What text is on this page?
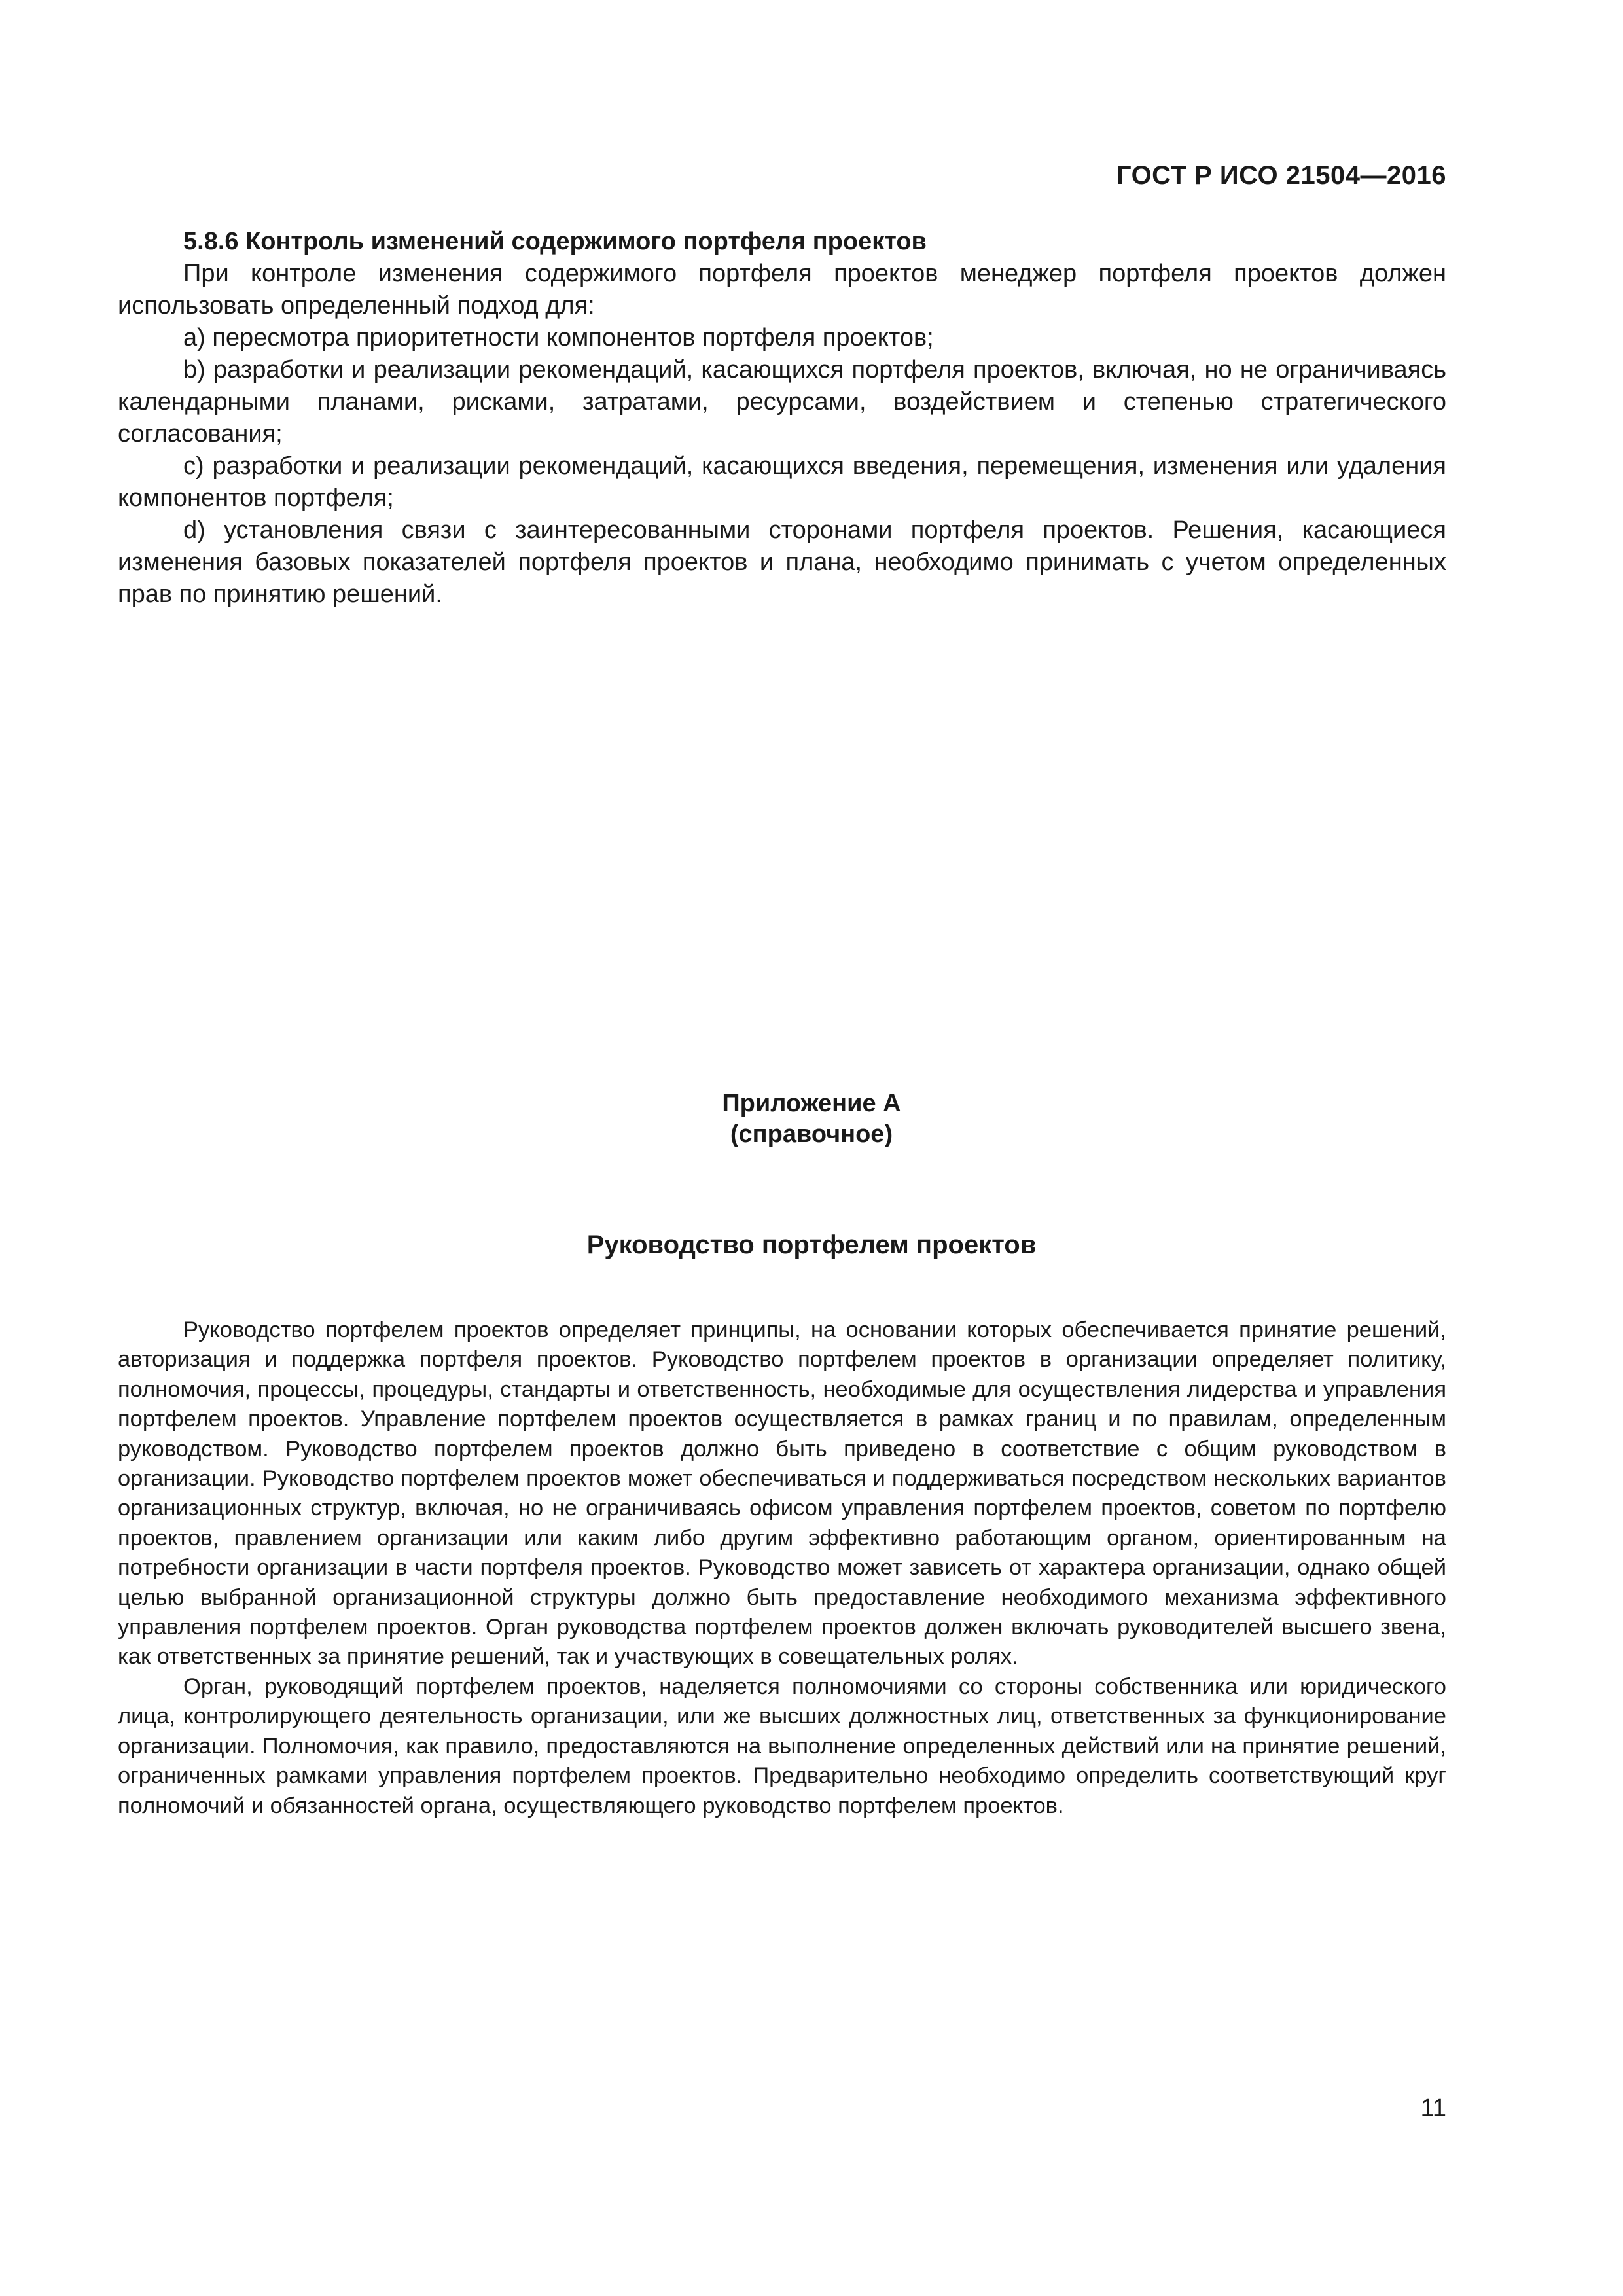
ГОСТ Р ИСО 21504—2016

5.8.6 Контроль изменений содержимого портфеля проектов

При контроле изменения содержимого портфеля проектов менеджер портфеля проектов должен использовать определенный подход для:

a) пересмотра приоритетности компонентов портфеля проектов;

b) разработки и реализации рекомендаций, касающихся портфеля проектов, включая, но не ограничиваясь календарными планами, рисками, затратами, ресурсами, воздействием и степенью стратегического согласования;

c) разработки и реализации рекомендаций, касающихся введения, перемещения, изменения или удаления компонентов портфеля;

d) установления связи с заинтересованными сторонами портфеля проектов. Решения, касающиеся изменения базовых показателей портфеля проектов и плана, необходимо принимать с учетом определенных прав по принятию решений.

Приложение А
(справочное)
Руководство портфелем проектов

Руководство портфелем проектов определяет принципы, на основании которых обеспечивается принятие решений, авторизация и поддержка портфеля проектов. Руководство портфелем проектов в организации определяет политику, полномочия, процессы, процедуры, стандарты и ответственность, необходимые для осуществления лидерства и управления портфелем проектов. Управление портфелем проектов осуществляется в рамках границ и по правилам, определенным руководством. Руководство портфелем проектов должно быть приведено в соответствие с общим руководством в организации. Руководство портфелем проектов может обеспечиваться и поддерживаться посредством нескольких вариантов организационных структур, включая, но не ограничиваясь офисом управления портфелем проектов, советом по портфелю проектов, правлением организации или каким либо другим эффективно работающим органом, ориентированным на потребности организации в части портфеля проектов. Руководство может зависеть от характера организации, однако общей целью выбранной организационной структуры должно быть предоставление необходимого механизма эффективного управления портфелем проектов. Орган руководства портфелем проектов должен включать руководителей высшего звена, как ответственных за принятие решений, так и участвующих в совещательных ролях.

Орган, руководящий портфелем проектов, наделяется полномочиями со стороны собственника или юридического лица, контролирующего деятельность организации, или же высших должностных лиц, ответственных за функционирование организации. Полномочия, как правило, предоставляются на выполнение определенных действий или на принятие решений, ограниченных рамками управления портфелем проектов. Предварительно необходимо определить соответствующий круг полномочий и обязанностей органа, осуществляющего руководство портфелем проектов.

11
